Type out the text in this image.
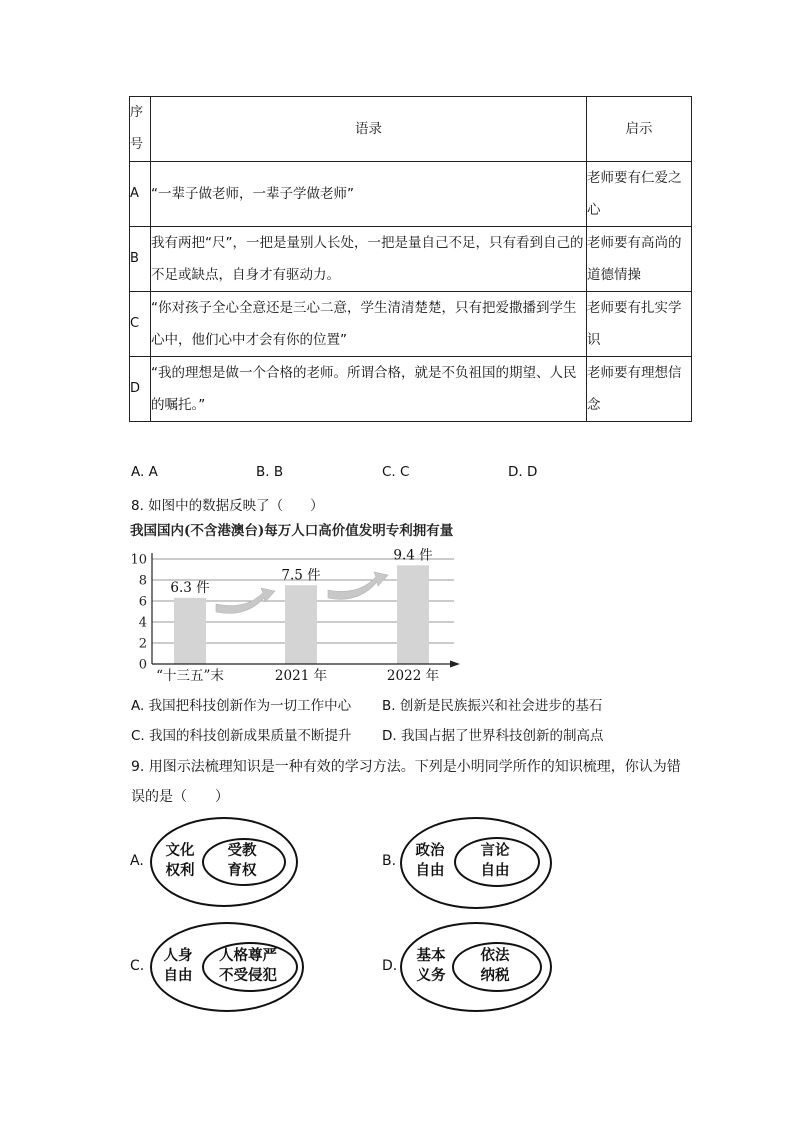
序号	语录	启示
A	“一辈子做老师，一辈子学做老师”	老师要有仁爱之心
B	我有两把“尺”，一把是量别人长处，一把是量自己不足，只有看到自己的不足或缺点，自身才有驱动力。	老师要有高尚的道德情操
C	“你对孩子全心全意还是三心二意，学生清清楚楚，只有把爱撒播到学生心中，他们心中才会有你的位置”	老师要有扎实学识
D	“我的理想是做一个合格的老师。所谓合格，就是不负祖国的期望、人民的嘱托。”	老师要有理想信念
A. A	B. B	C. C	D. D
8. 如图中的数据反映了（　　）
我国国内(不含港澳台)每万人口高价值发明专利拥有量
0
2
4
6
8
10
6.3 件
7.5 件
9.4 件
“十三五”末	2021 年	2022 年
A. 我国把科技创新作为一切工作中心 B. 创新是民族振兴和社会进步的基石
C. 我国的科技创新成果质量不断提升 D. 我国占据了世界科技创新的制高点
9. 用图示法梳理知识是一种有效的学习方法。下列是小明同学所作的知识梳理，你认为错
误的是（　　）
A.
文化
权利
受教
育权
B.
政治
自由
言论
自由
C.
人身
自由
人格尊严
不受侵犯
D.
基本
义务
依法
纳税
